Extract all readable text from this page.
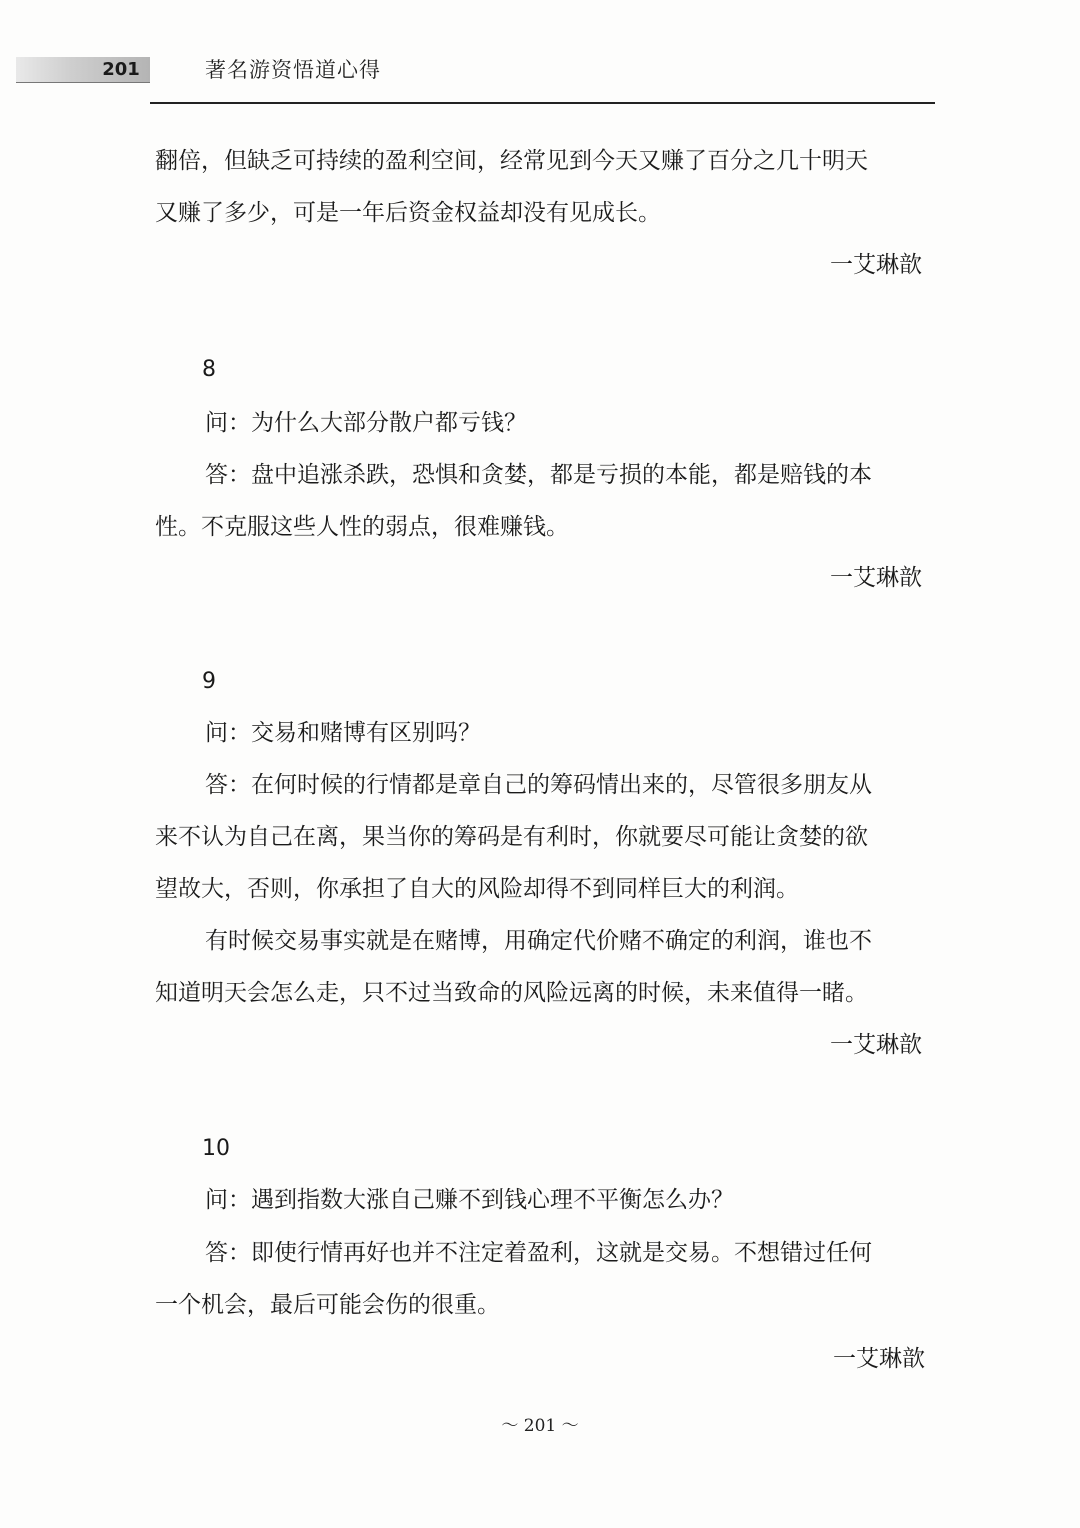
201	著名游资悟道心得
翻倍，但缺乏可持续的盈利空间，经常见到今天又赚了百分之几十明天
又赚了多少，可是一年后资金权益却没有见成长。
一艾琳歆
8
问：为什么大部分散户都亏钱？
答：盘中追涨杀跌，恐惧和贪婪，都是亏损的本能，都是赔钱的本
性。不克服这些人性的弱点，很难赚钱。
一艾琳歆
9
问：交易和赌博有区别吗？
答：在何时候的行情都是章自己的筹码情出来的，尽管很多朋友从
来不认为自己在离，果当你的筹码是有利时，你就要尽可能让贪婪的欲
望故大，否则，你承担了自大的风险却得不到同样巨大的利润。
有时候交易事实就是在赌博，用确定代价赌不确定的利润，谁也不
知道明天会怎么走，只不过当致命的风险远离的时候，未来值得一睹。
一艾琳歆
10
问：遇到指数大涨自己赚不到钱心理不平衡怎么办？
答：即使行情再好也并不注定着盈利，这就是交易。不想错过任何
一个机会，最后可能会伤的很重。
一艾琳歆
～ 201 ～
